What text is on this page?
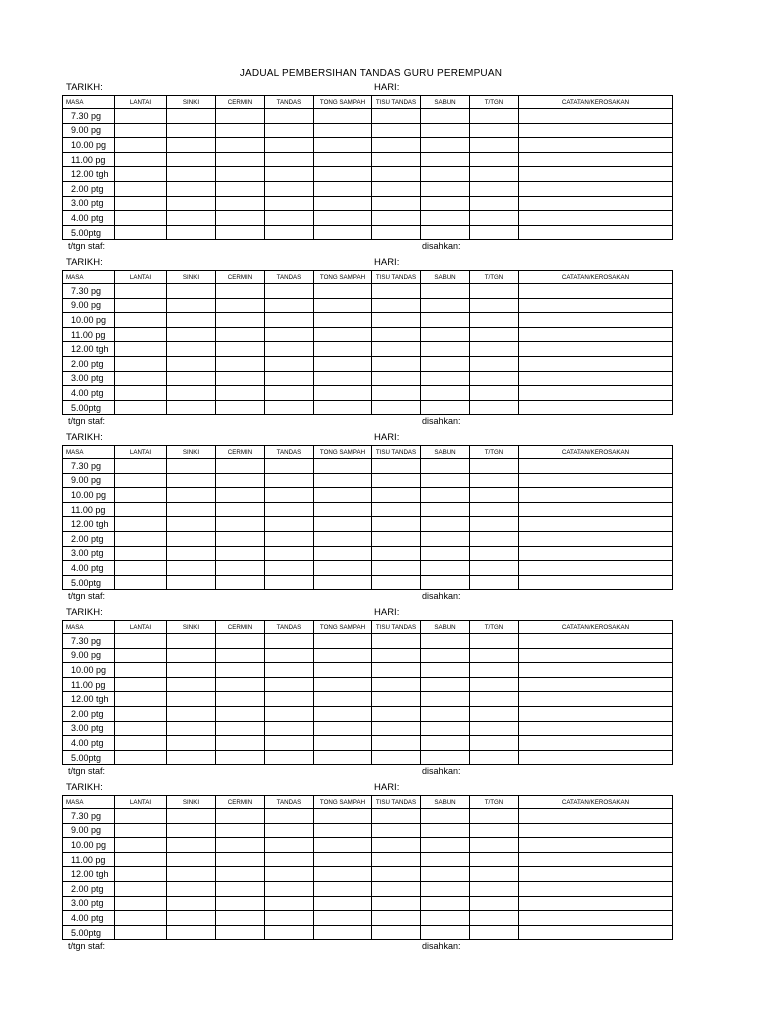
JADUAL PEMBERSIHAN TANDAS GURU PEREMPUAN
TARIKH:	HARI:
MASA	LANTAI	SINKI	CERMIN	TANDAS	TONG SAMPAH	TISU TANDAS	SABUN	T/TGN	CATATAN/KEROSAKAN
7.30 pg									
9.00 pg									
10.00 pg									
11.00 pg									
12.00 tgh									
2.00 ptg									
3.00 ptg									
4.00 ptg									
5.00ptg									
t/tgn staf:	disahkan:
TARIKH:	HARI:
MASA	LANTAI	SINKI	CERMIN	TANDAS	TONG SAMPAH	TISU TANDAS	SABUN	T/TGN	CATATAN/KEROSAKAN
7.30 pg									
9.00 pg									
10.00 pg									
11.00 pg									
12.00 tgh									
2.00 ptg									
3.00 ptg									
4.00 ptg									
5.00ptg									
t/tgn staf:	disahkan:
TARIKH:	HARI:
MASA	LANTAI	SINKI	CERMIN	TANDAS	TONG SAMPAH	TISU TANDAS	SABUN	T/TGN	CATATAN/KEROSAKAN
7.30 pg									
9.00 pg									
10.00 pg									
11.00 pg									
12.00 tgh									
2.00 ptg									
3.00 ptg									
4.00 ptg									
5.00ptg									
t/tgn staf:	disahkan:
TARIKH:	HARI:
MASA	LANTAI	SINKI	CERMIN	TANDAS	TONG SAMPAH	TISU TANDAS	SABUN	T/TGN	CATATAN/KEROSAKAN
7.30 pg									
9.00 pg									
10.00 pg									
11.00 pg									
12.00 tgh									
2.00 ptg									
3.00 ptg									
4.00 ptg									
5.00ptg									
t/tgn staf:	disahkan:
TARIKH:	HARI:
MASA	LANTAI	SINKI	CERMIN	TANDAS	TONG SAMPAH	TISU TANDAS	SABUN	T/TGN	CATATAN/KEROSAKAN
7.30 pg									
9.00 pg									
10.00 pg									
11.00 pg									
12.00 tgh									
2.00 ptg									
3.00 ptg									
4.00 ptg									
5.00ptg									
t/tgn staf:	disahkan:
